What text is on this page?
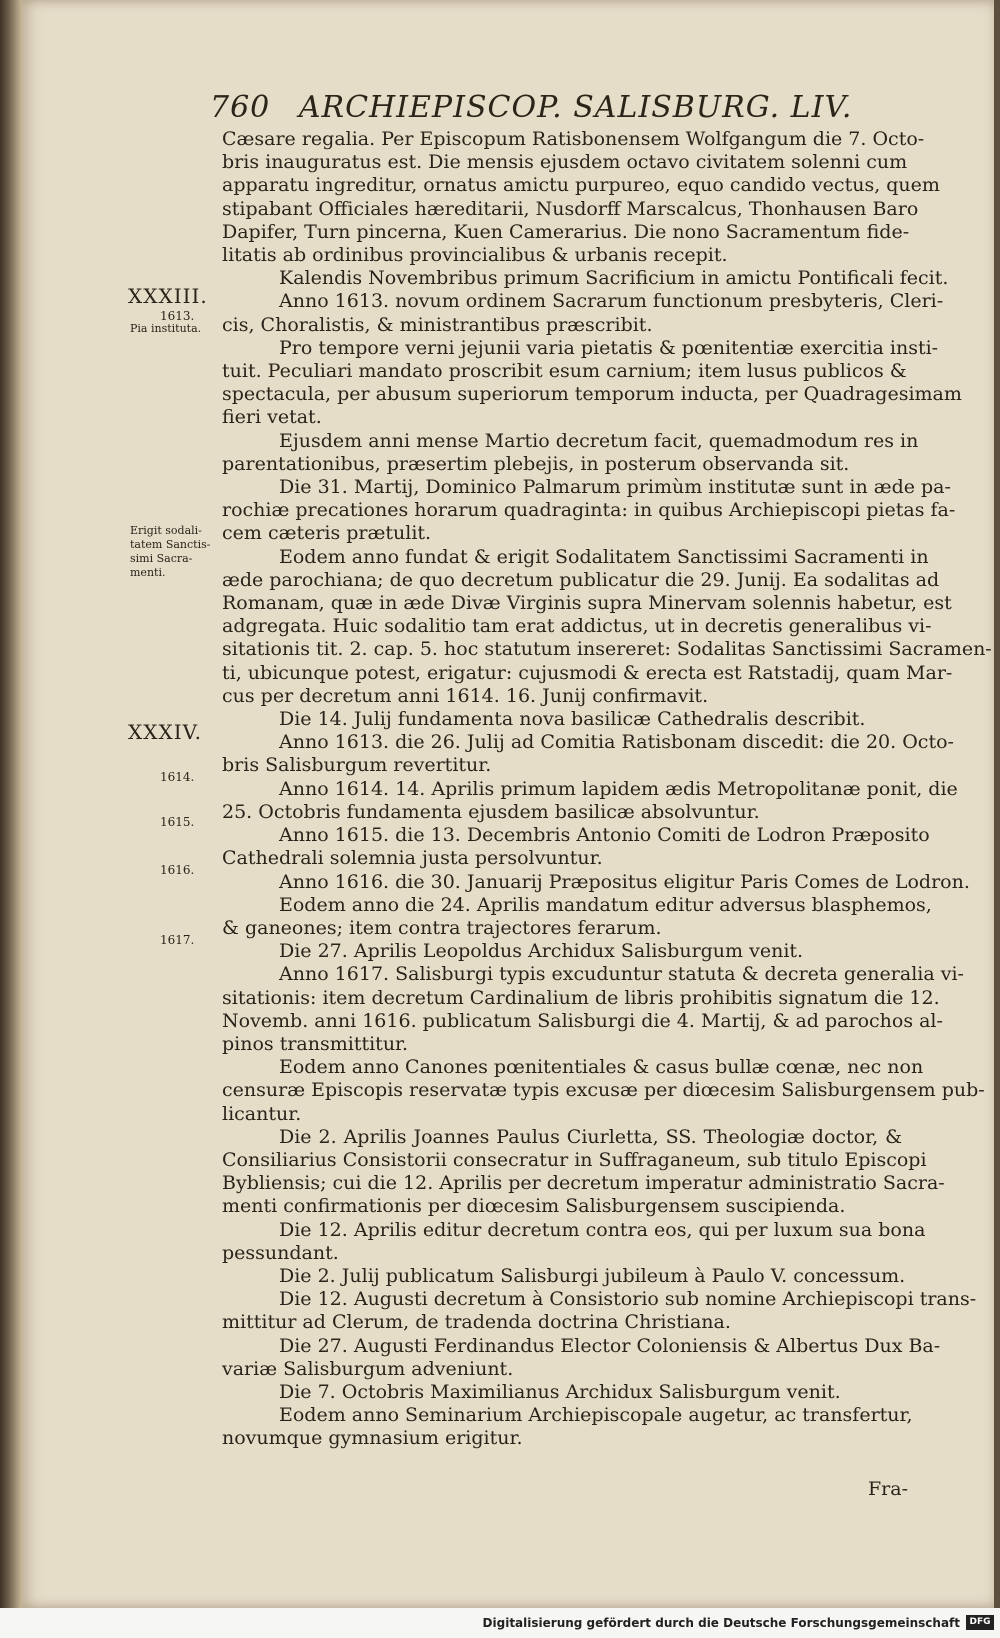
760 ARCHIEPISCOP. SALISBURG. LIV.
XXXIII.
1613.
Pia instituta.
Erigit sodali-
tatem Sanctis-
simi Sacra-
menti.
XXXIV.
1614.
1615.
1616.
1617.
Cæsare regalia. Per Episcopum Ratisbonensem Wolfgangum die 7. Octo-
bris inauguratus est. Die mensis ejusdem octavo civitatem solenni cum
apparatu ingreditur, ornatus amictu purpureo, equo candido vectus, quem
stipabant Officiales hæreditarii, Nusdorff Marscalcus, Thonhausen Baro
Dapifer, Turn pincerna, Kuen Camerarius. Die nono Sacramentum fide-
litatis ab ordinibus provincialibus & urbanis recepit.
Kalendis Novembribus primum Sacrificium in amictu Pontificali fecit.
Anno 1613. novum ordinem Sacrarum functionum presbyteris, Cleri-
cis, Choralistis, & ministrantibus præscribit.
Pro tempore verni jejunii varia pietatis & pœnitentiæ exercitia insti-
tuit. Peculiari mandato proscribit esum carnium; item lusus publicos &
spectacula, per abusum superiorum temporum inducta, per Quadragesimam
fieri vetat.
Ejusdem anni mense Martio decretum facit, quemadmodum res in
parentationibus, præsertim plebejis, in posterum observanda sit.
Die 31. Martij, Dominico Palmarum primùm institutæ sunt in æde pa-
rochiæ precationes horarum quadraginta: in quibus Archiepiscopi pietas fa-
cem cæteris prætulit.
Eodem anno fundat & erigit Sodalitatem Sanctissimi Sacramenti in
æde parochiana; de quo decretum publicatur die 29. Junij. Ea sodalitas ad
Romanam, quæ in æde Divæ Virginis supra Minervam solennis habetur, est
adgregata. Huic sodalitio tam erat addictus, ut in decretis generalibus vi-
sitationis tit. 2. cap. 5. hoc statutum insereret: Sodalitas Sanctissimi Sacramen-
ti, ubicunque potest, erigatur: cujusmodi & erecta est Ratstadij, quam Mar-
cus per decretum anni 1614. 16. Junij confirmavit.
Die 14. Julij fundamenta nova basilicæ Cathedralis describit.
Anno 1613. die 26. Julij ad Comitia Ratisbonam discedit: die 20. Octo-
bris Salisburgum revertitur.
Anno 1614. 14. Aprilis primum lapidem ædis Metropolitanæ ponit, die
25. Octobris fundamenta ejusdem basilicæ absolvuntur.
Anno 1615. die 13. Decembris Antonio Comiti de Lodron Præposito
Cathedrali solemnia justa persolvuntur.
Anno 1616. die 30. Januarij Præpositus eligitur Paris Comes de Lodron.
Eodem anno die 24. Aprilis mandatum editur adversus blasphemos,
& ganeones; item contra trajectores ferarum.
Die 27. Aprilis Leopoldus Archidux Salisburgum venit.
Anno 1617. Salisburgi typis excuduntur statuta & decreta generalia vi-
sitationis: item decretum Cardinalium de libris prohibitis signatum die 12.
Novemb. anni 1616. publicatum Salisburgi die 4. Martij, & ad parochos al-
pinos transmittitur.
Eodem anno Canones pœnitentiales & casus bullæ cœnæ, nec non
censuræ Episcopis reservatæ typis excusæ per diœcesim Salisburgensem pub-
licantur.
Die 2. Aprilis Joannes Paulus Ciurletta, SS. Theologiæ doctor, &
Consiliarius Consistorii consecratur in Suffraganeum, sub titulo Episcopi
Bybliensis; cui die 12. Aprilis per decretum imperatur administratio Sacra-
menti confirmationis per diœcesim Salisburgensem suscipienda.
Die 12. Aprilis editur decretum contra eos, qui per luxum sua bona
pessundant.
Die 2. Julij publicatum Salisburgi jubileum à Paulo V. concessum.
Die 12. Augusti decretum à Consistorio sub nomine Archiepiscopi trans-
mittitur ad Clerum, de tradenda doctrina Christiana.
Die 27. Augusti Ferdinandus Elector Coloniensis & Albertus Dux Ba-
variæ Salisburgum adveniunt.
Die 7. Octobris Maximilianus Archidux Salisburgum venit.
Eodem anno Seminarium Archiepiscopale augetur, ac transfertur,
novumque gymnasium erigitur.
Fra-
Digitalisierung gefördert durch die Deutsche Forschungsgemeinschaft	DFG
